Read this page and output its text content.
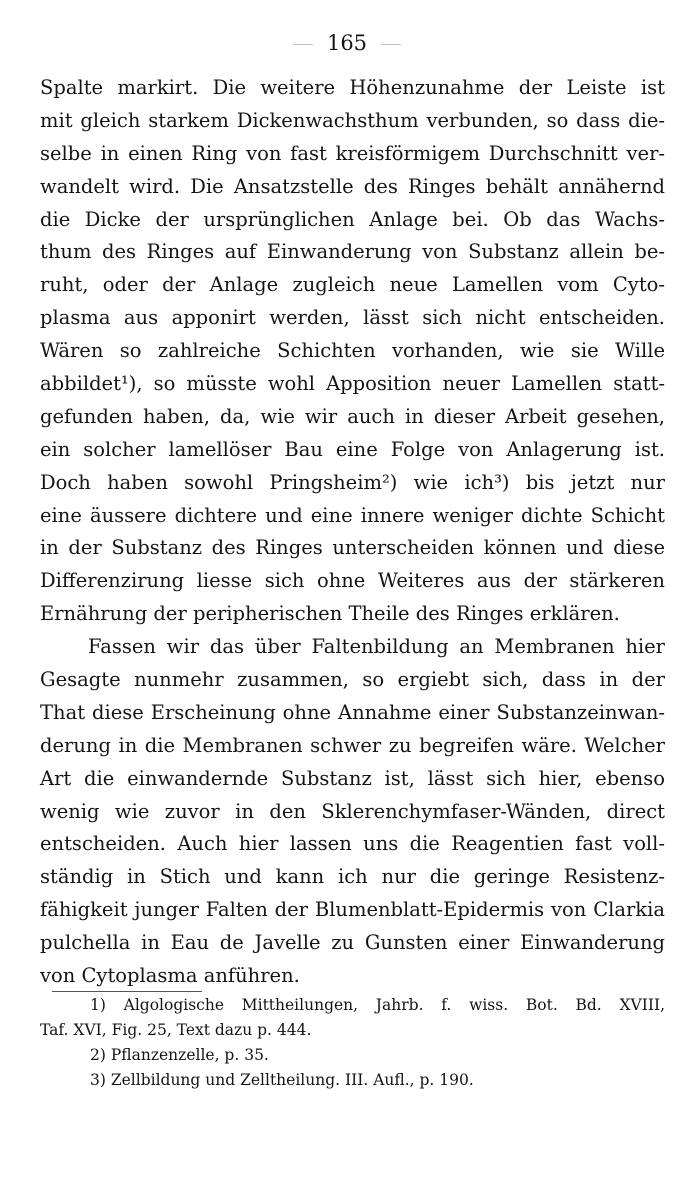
165
Spalte markirt. Die weitere Höhenzunahme der Leiste ist
mit gleich starkem Dickenwachsthum verbunden, so dass die-
selbe in einen Ring von fast kreisförmigem Durchschnitt ver-
wandelt wird. Die Ansatzstelle des Ringes behält annähernd
die Dicke der ursprünglichen Anlage bei. Ob das Wachs-
thum des Ringes auf Einwanderung von Substanz allein be-
ruht, oder der Anlage zugleich neue Lamellen vom Cyto-
plasma aus apponirt werden, lässt sich nicht entscheiden.
Wären so zahlreiche Schichten vorhanden, wie sie Wille
abbildet¹), so müsste wohl Apposition neuer Lamellen statt-
gefunden haben, da, wie wir auch in dieser Arbeit gesehen,
ein solcher lamellöser Bau eine Folge von Anlagerung ist.
Doch haben sowohl Pringsheim²) wie ich³) bis jetzt nur
eine äussere dichtere und eine innere weniger dichte Schicht
in der Substanz des Ringes unterscheiden können und diese
Differenzirung liesse sich ohne Weiteres aus der stärkeren
Ernährung der peripherischen Theile des Ringes erklären.
Fassen wir das über Faltenbildung an Membranen hier
Gesagte nunmehr zusammen, so ergiebt sich, dass in der
That diese Erscheinung ohne Annahme einer Substanzeinwan-
derung in die Membranen schwer zu begreifen wäre. Welcher
Art die einwandernde Substanz ist, lässt sich hier, ebenso
wenig wie zuvor in den Sklerenchymfaser-Wänden, direct
entscheiden. Auch hier lassen uns die Reagentien fast voll-
ständig in Stich und kann ich nur die geringe Resistenz-
fähigkeit junger Falten der Blumenblatt-Epidermis von Clarkia
pulchella in Eau de Javelle zu Gunsten einer Einwanderung
von Cytoplasma anführen.
1) Algologische Mittheilungen, Jahrb. f. wiss. Bot. Bd. XVIII,
Taf. XVI, Fig. 25, Text dazu p. 444.
2) Pflanzenzelle, p. 35.
3) Zellbildung und Zelltheilung. III. Aufl., p. 190.
